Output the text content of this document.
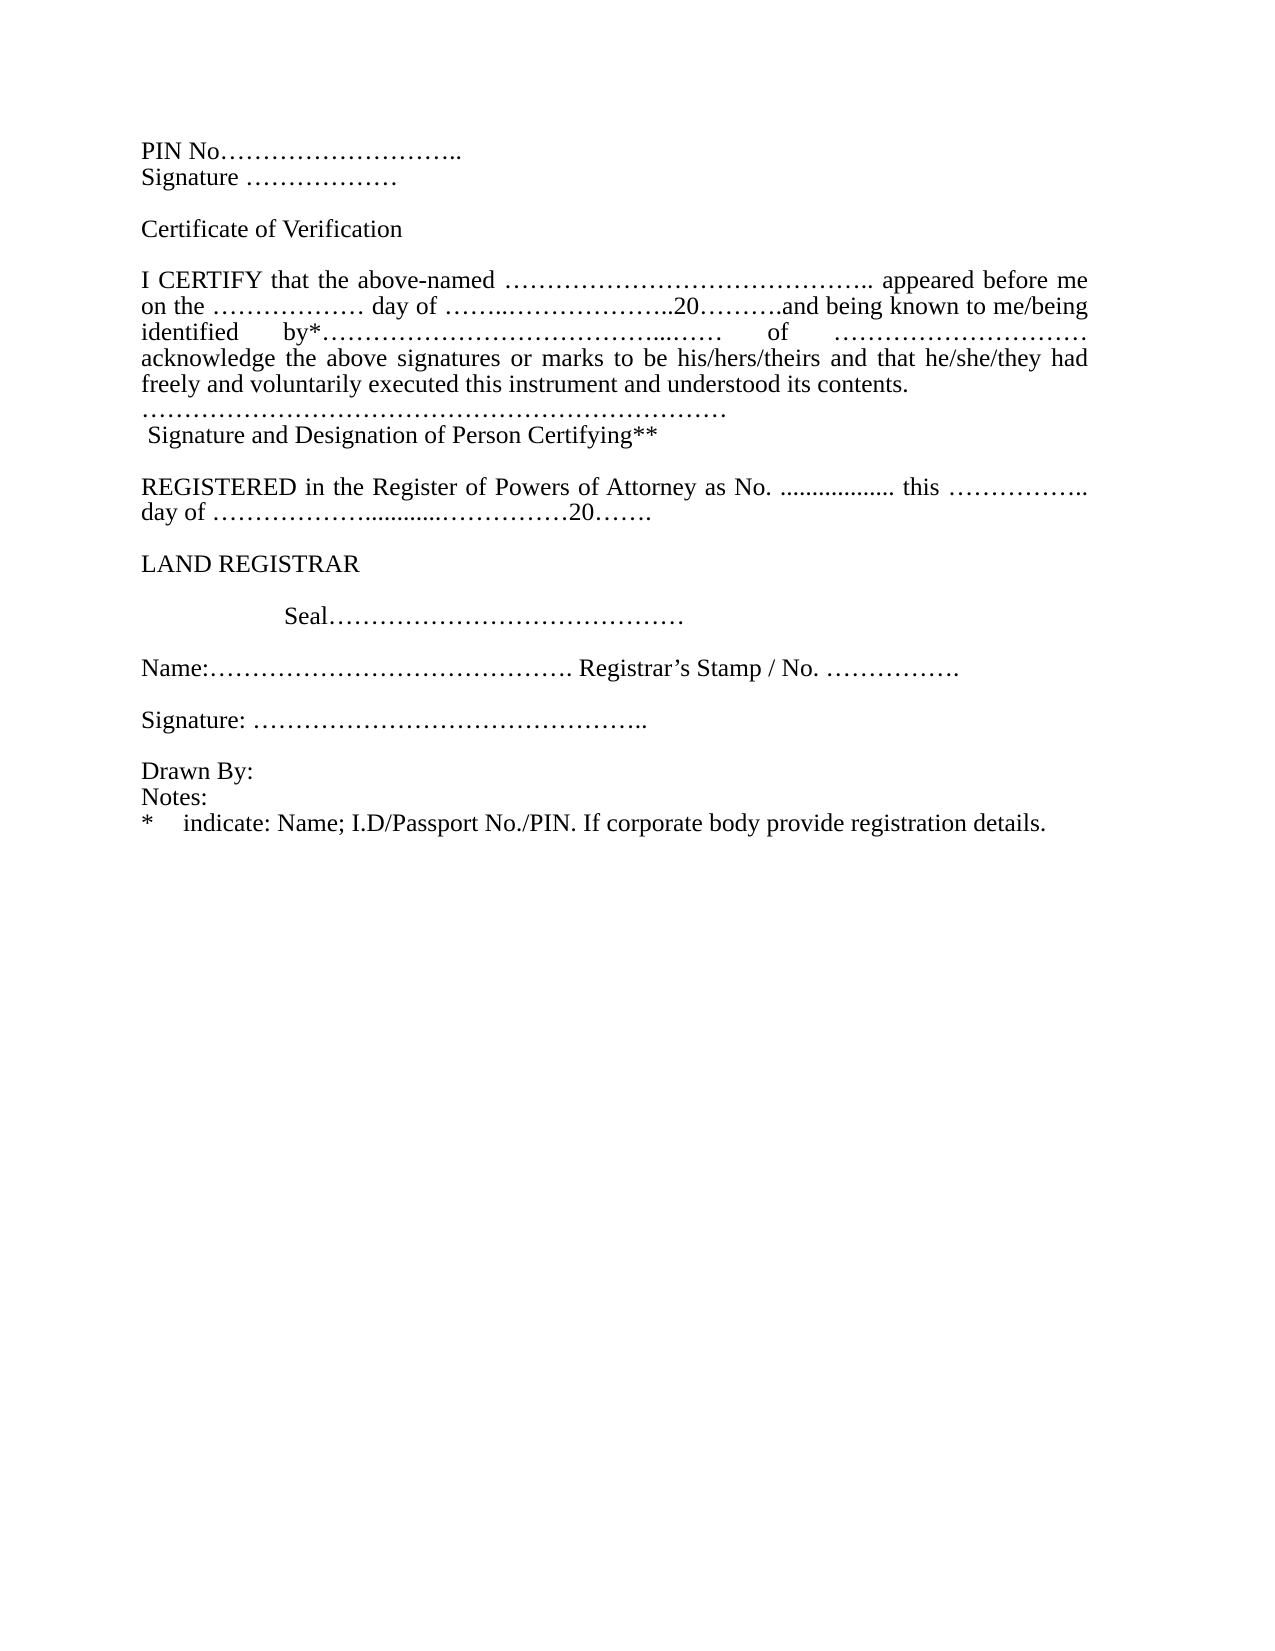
PIN No………………………..
Signature ………………
Certificate of Verification

I CERTIFY that the above-named …………………………………….. appeared before me on the ……………… day of ……..………………..20……….and being known to me/being identified by*…………………………………...…… of ………………………… acknowledge the above signatures or marks to be his/hers/theirs and that he/she/they had freely and voluntarily executed this instrument and understood its contents.

……………………………………………………………
Signature and Designation of Person Certifying**

REGISTERED in the Register of Powers of Attorney as No. .................. this …………….. day of ………………............……………20…….

LAND REGISTRAR
Seal……………………………………
Name:……………………………………. Registrar’s Stamp / No. …………….
Signature: ………………………………………..
Drawn By:
Notes:
* indicate: Name; I.D/Passport No./PIN. If corporate body provide registration details.
